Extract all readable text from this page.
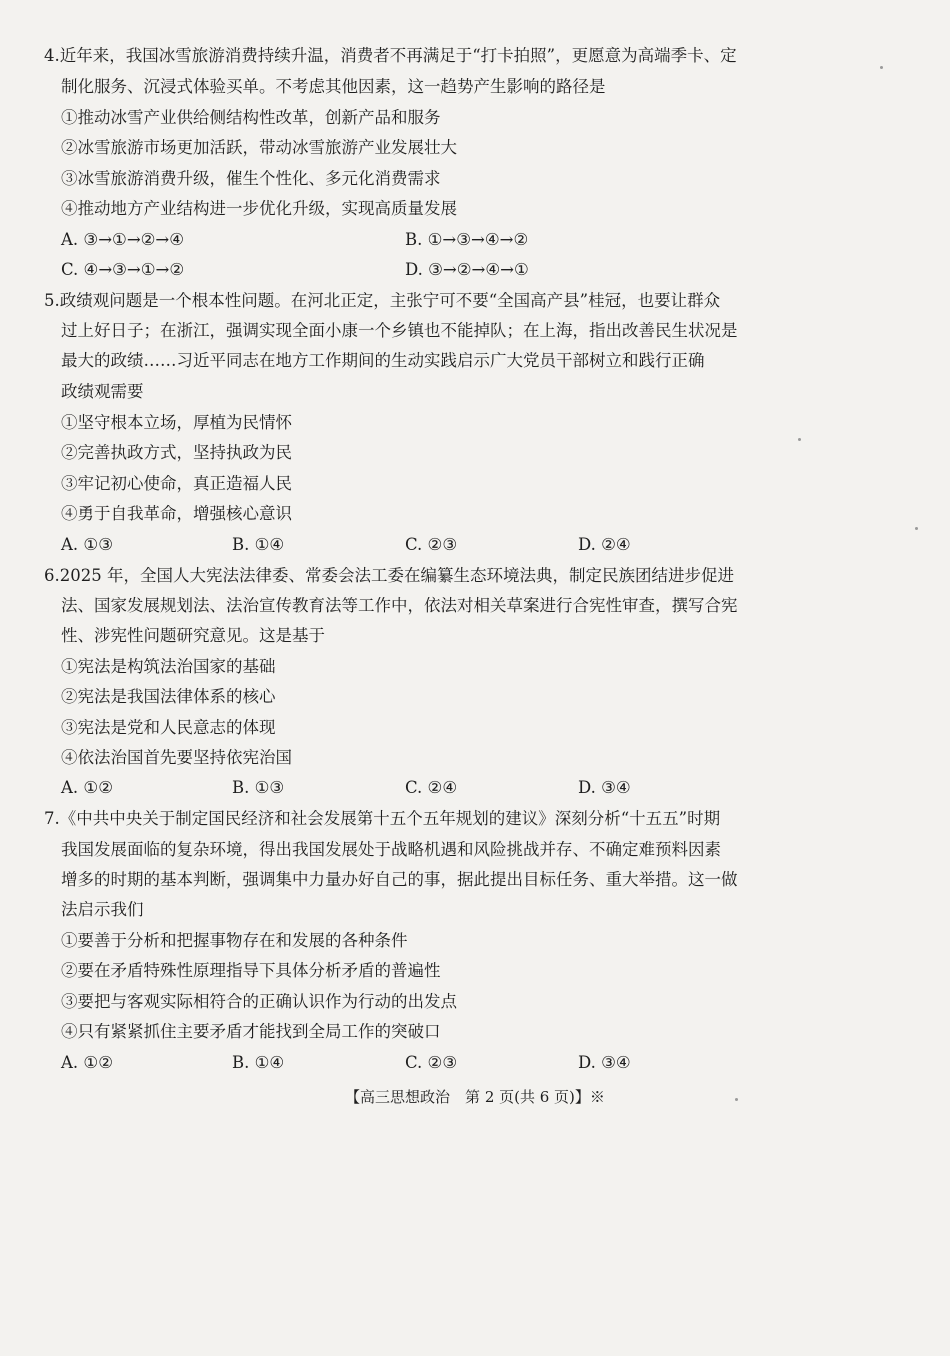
4.近年来，我国冰雪旅游消费持续升温，消费者不再满足于“打卡拍照”，更愿意为高端季卡、定
制化服务、沉浸式体验买单。不考虑其他因素，这一趋势产生影响的路径是
①推动冰雪产业供给侧结构性改革，创新产品和服务
②冰雪旅游市场更加活跃，带动冰雪旅游产业发展壮大
③冰雪旅游消费升级，催生个性化、多元化消费需求
④推动地方产业结构进一步优化升级，实现高质量发展
A. ③→①→②→④	B. ①→③→④→②
C. ④→③→①→②	D. ③→②→④→①
5.政绩观问题是一个根本性问题。在河北正定，主张宁可不要“全国高产县”桂冠，也要让群众
过上好日子；在浙江，强调实现全面小康一个乡镇也不能掉队；在上海，指出改善民生状况是
最大的政绩……习近平同志在地方工作期间的生动实践启示广大党员干部树立和践行正确
政绩观需要
①坚守根本立场，厚植为民情怀
②完善执政方式，坚持执政为民
③牢记初心使命，真正造福人民
④勇于自我革命，增强核心意识
A. ①③	B. ①④	C. ②③	D. ②④
6.2025 年，全国人大宪法法律委、常委会法工委在编纂生态环境法典，制定民族团结进步促进
法、国家发展规划法、法治宣传教育法等工作中，依法对相关草案进行合宪性审查，撰写合宪
性、涉宪性问题研究意见。这是基于
①宪法是构筑法治国家的基础
②宪法是我国法律体系的核心
③宪法是党和人民意志的体现
④依法治国首先要坚持依宪治国
A. ①②	B. ①③	C. ②④	D. ③④
7.《中共中央关于制定国民经济和社会发展第十五个五年规划的建议》深刻分析“十五五”时期
我国发展面临的复杂环境，得出我国发展处于战略机遇和风险挑战并存、不确定难预料因素
增多的时期的基本判断，强调集中力量办好自己的事，据此提出目标任务、重大举措。这一做
法启示我们
①要善于分析和把握事物存在和发展的各种条件
②要在矛盾特殊性原理指导下具体分析矛盾的普遍性
③要把与客观实际相符合的正确认识作为行动的出发点
④只有紧紧抓住主要矛盾才能找到全局工作的突破口
A. ①②	B. ①④	C. ②③	D. ③④
【高三思想政治　第 2 页(共 6 页)】※
